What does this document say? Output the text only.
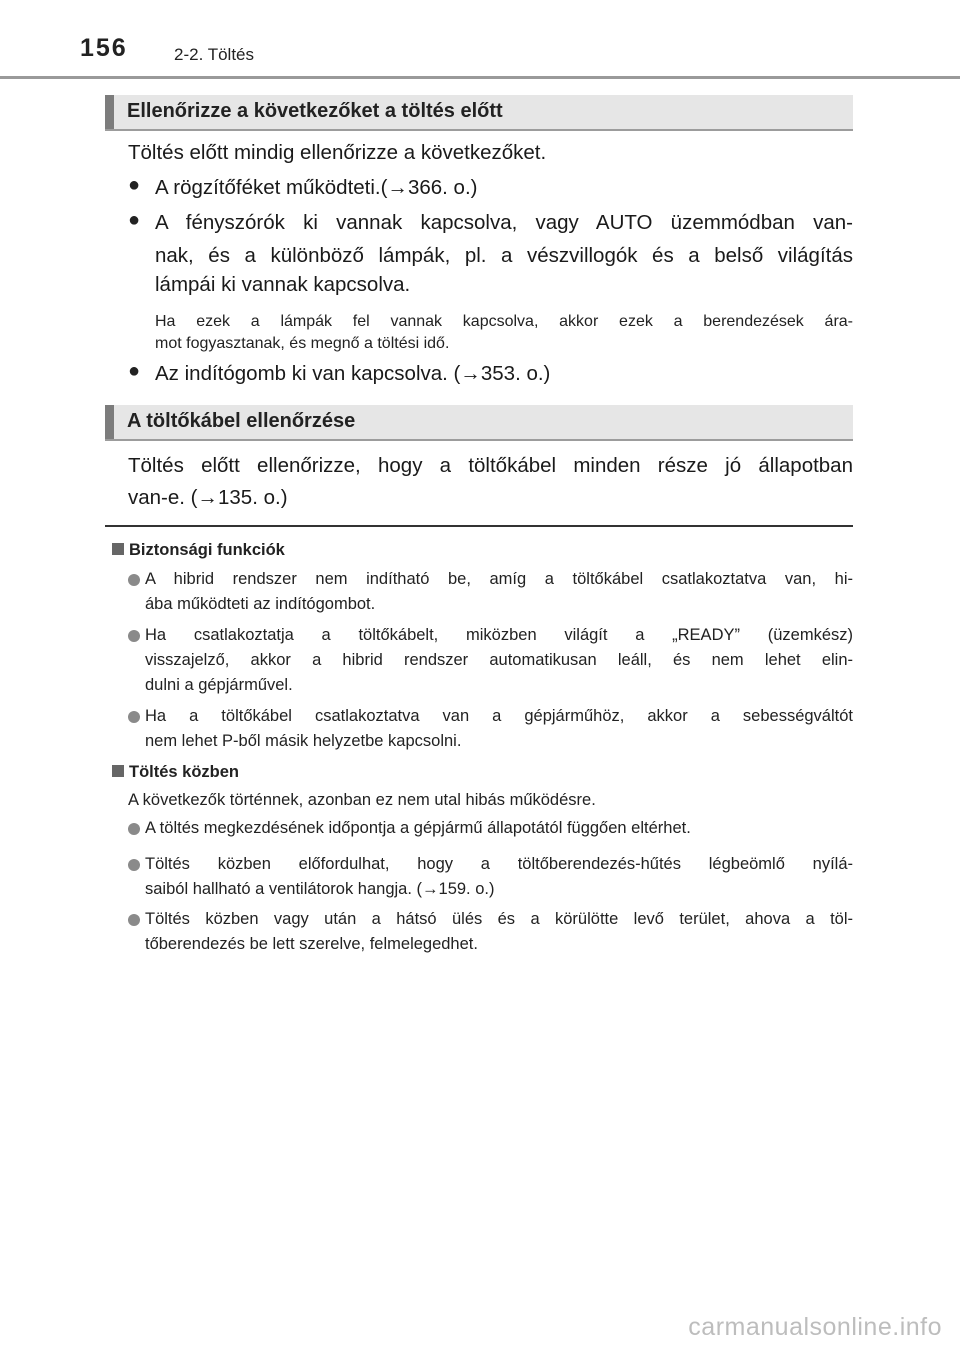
156	2-2. Töltés
Ellenőrizze a következőket a töltés előtt
Töltés előtt mindig ellenőrizze a következőket.
● A rögzítőféket működteti.(→366. o.)
● A fényszórók ki vannak kapcsolva, vagy AUTO üzemmódban van-
nak, és a különböző lámpák, pl. a vészvillogók és a belső világítás
lámpái ki vannak kapcsolva.
Ha ezek a lámpák fel vannak kapcsolva, akkor ezek a berendezések ára-
mot fogyasztanak, és megnő a töltési idő.
● Az indítógomb ki van kapcsolva. (→353. o.)
A töltőkábel ellenőrzése
Töltés előtt ellenőrizze, hogy a töltőkábel minden része jó állapotban
van-e. (→135. o.)
Biztonsági funkciók
A hibrid rendszer nem indítható be, amíg a töltőkábel csatlakoztatva van, hi-
ába működteti az indítógombot.
Ha csatlakoztatja a töltőkábelt, miközben világít a „READY” (üzemkész)
visszajelző, akkor a hibrid rendszer automatikusan leáll, és nem lehet elin-
dulni a gépjárművel.
Ha a töltőkábel csatlakoztatva van a gépjárműhöz, akkor a sebességváltót
nem lehet P-ből másik helyzetbe kapcsolni.
Töltés közben
A következők történnek, azonban ez nem utal hibás működésre.
A töltés megkezdésének időpontja a gépjármű állapotától függően eltérhet.
Töltés közben előfordulhat, hogy a töltőberendezés-hűtés légbeömlő nyílá-
saiból hallható a ventilátorok hangja. (→159. o.)
Töltés közben vagy után a hátsó ülés és a körülötte levő terület, ahova a töl-
tőberendezés be lett szerelve, felmelegedhet.
carmanualsonline.info
